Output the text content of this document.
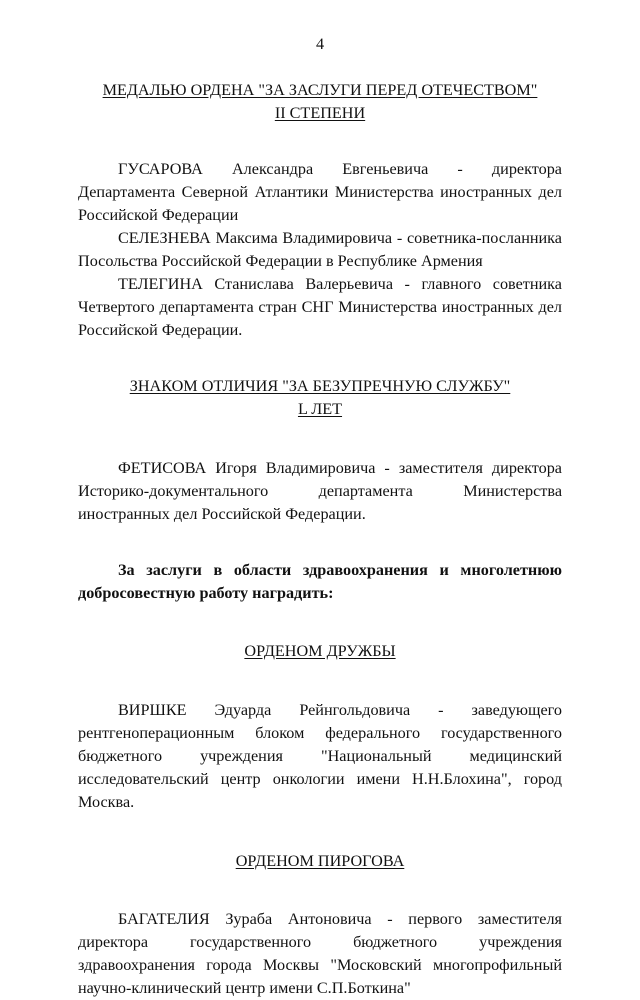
4
МЕДАЛЬЮ ОРДЕНА "ЗА ЗАСЛУГИ ПЕРЕД ОТЕЧЕСТВОМ"
II СТЕПЕНИ

ГУСАРОВА Александра Евгеньевича - директора Департамента Северной Атлантики Министерства иностранных дел Российской Федерации

СЕЛЕЗНЕВА Максима Владимировича - советника-посланника Посольства Российской Федерации в Республике Армения

ТЕЛЕГИНА Станислава Валерьевича - главного советника Четвертого департамента стран СНГ Министерства иностранных дел Российской Федерации.

ЗНАКОМ ОТЛИЧИЯ "ЗА БЕЗУПРЕЧНУЮ СЛУЖБУ"
L ЛЕТ

ФЕТИСОВА Игоря Владимировича - заместителя директора Историко-документального департамента Министерства иностранных дел Российской Федерации.

За заслуги в области здравоохранения и многолетнюю добросовестную работу наградить:

ОРДЕНОМ ДРУЖБЫ

ВИРШКЕ Эдуарда Рейнгольдовича - заведующего рентгеноперационным блоком федерального государственного бюджетного учреждения "Национальный медицинский исследовательский центр онкологии имени Н.Н.Блохина", город Москва.

ОРДЕНОМ ПИРОГОВА

БАГАТЕЛИЯ Зураба Антоновича - первого заместителя директора государственного бюджетного учреждения здравоохранения города Москвы "Московский многопрофильный научно-клинический центр имени С.П.Боткина"
